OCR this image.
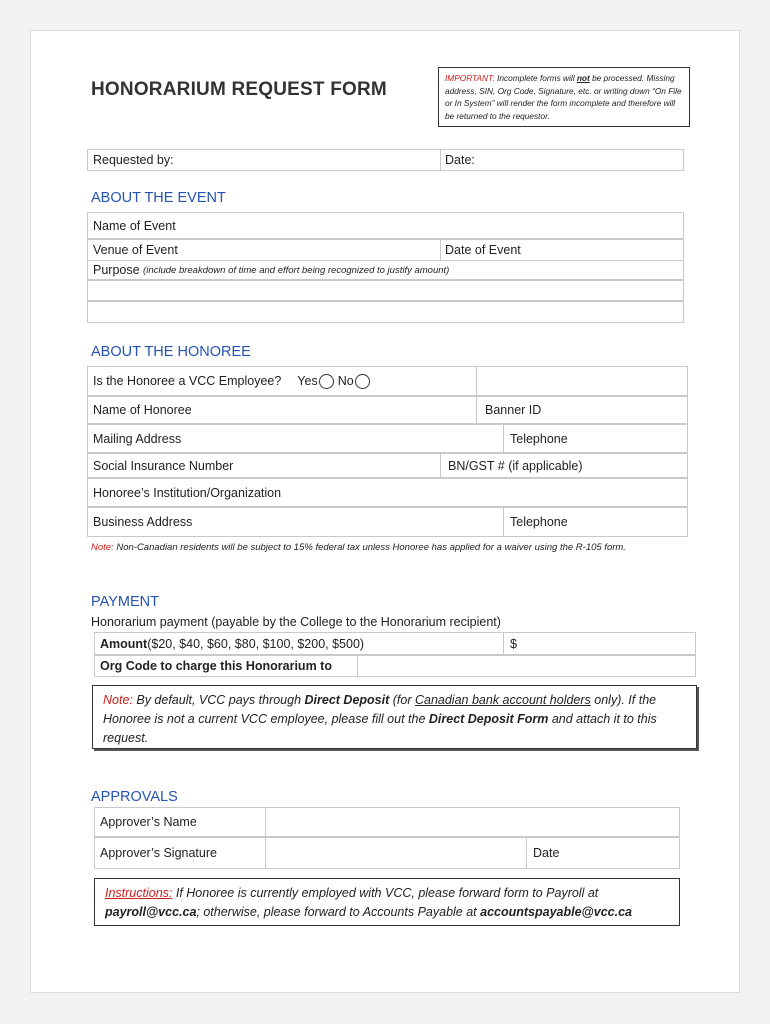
HONORARIUM REQUEST FORM
IMPORTANT: Incomplete forms will not be processed. Missing address, SIN, Org Code, Signature, etc. or writing down “On File or In System” will render the form incomplete and therefore will be returned to the requestor.
Requested by:	Date:
ABOUT THE EVENT
Name of Event
Venue of Event	Date of Event
Purpose
(include breakdown of time and effort being recognized to justify amount)
ABOUT THE HONOREE
Is the Honoree a VCC Employee? Yes No
Name of Honoree	Banner ID
Mailing Address	Telephone
Social Insurance Number	BN/GST # (if applicable)
Honoree’s Institution/Organization
Business Address	Telephone
Note: Non-Canadian residents will be subject to 15% federal tax unless Honoree has applied for a waiver using the R-105 form.
PAYMENT
Honorarium payment (payable by the College to the Honorarium recipient)
Amount ($20, $40, $60, $80, $100, $200, $500)	$
Org Code to charge this Honorarium to
Note: By default, VCC pays through Direct Deposit (for Canadian bank account holders only). If the Honoree is not a current VCC employee, please fill out the Direct Deposit Form and attach it to this request.
APPROVALS
Approver’s Name
Approver’s Signature	Date
Instructions: If Honoree is currently employed with VCC, please forward form to Payroll at payroll@vcc.ca; otherwise, please forward to Accounts Payable at accountspayable@vcc.ca
